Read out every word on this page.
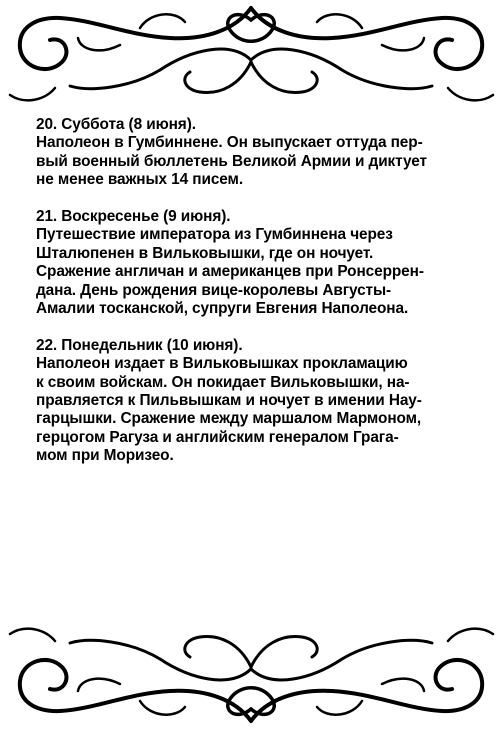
20. Суббота (8 июня).
Наполеон в Гумбиннене. Он выпускает оттуда пер-
вый военный бюллетень Великой Армии и диктует
не менее важных 14 писем.
21. Воскресенье (9 июня).
Путешествие императора из Гумбиннена через
Шталюпенен в Вильковышки, где он ночует.
Сражение англичан и американцев при Ронсеррен-
дана. День рождения вице-королевы Августы-
Амалии тосканской, супруги Евгения Наполеона.
22. Понедельник (10 июня).
Наполеон издает в Вильковышках прокламацию
к своим войскам. Он покидает Вильковышки, на-
правляется к Пильвышкам и ночует в имении Нау-
гарцышки. Сражение между маршалом Мармоном,
герцогом Рагуза и английским генералом Грага-
мом при Моризео.
